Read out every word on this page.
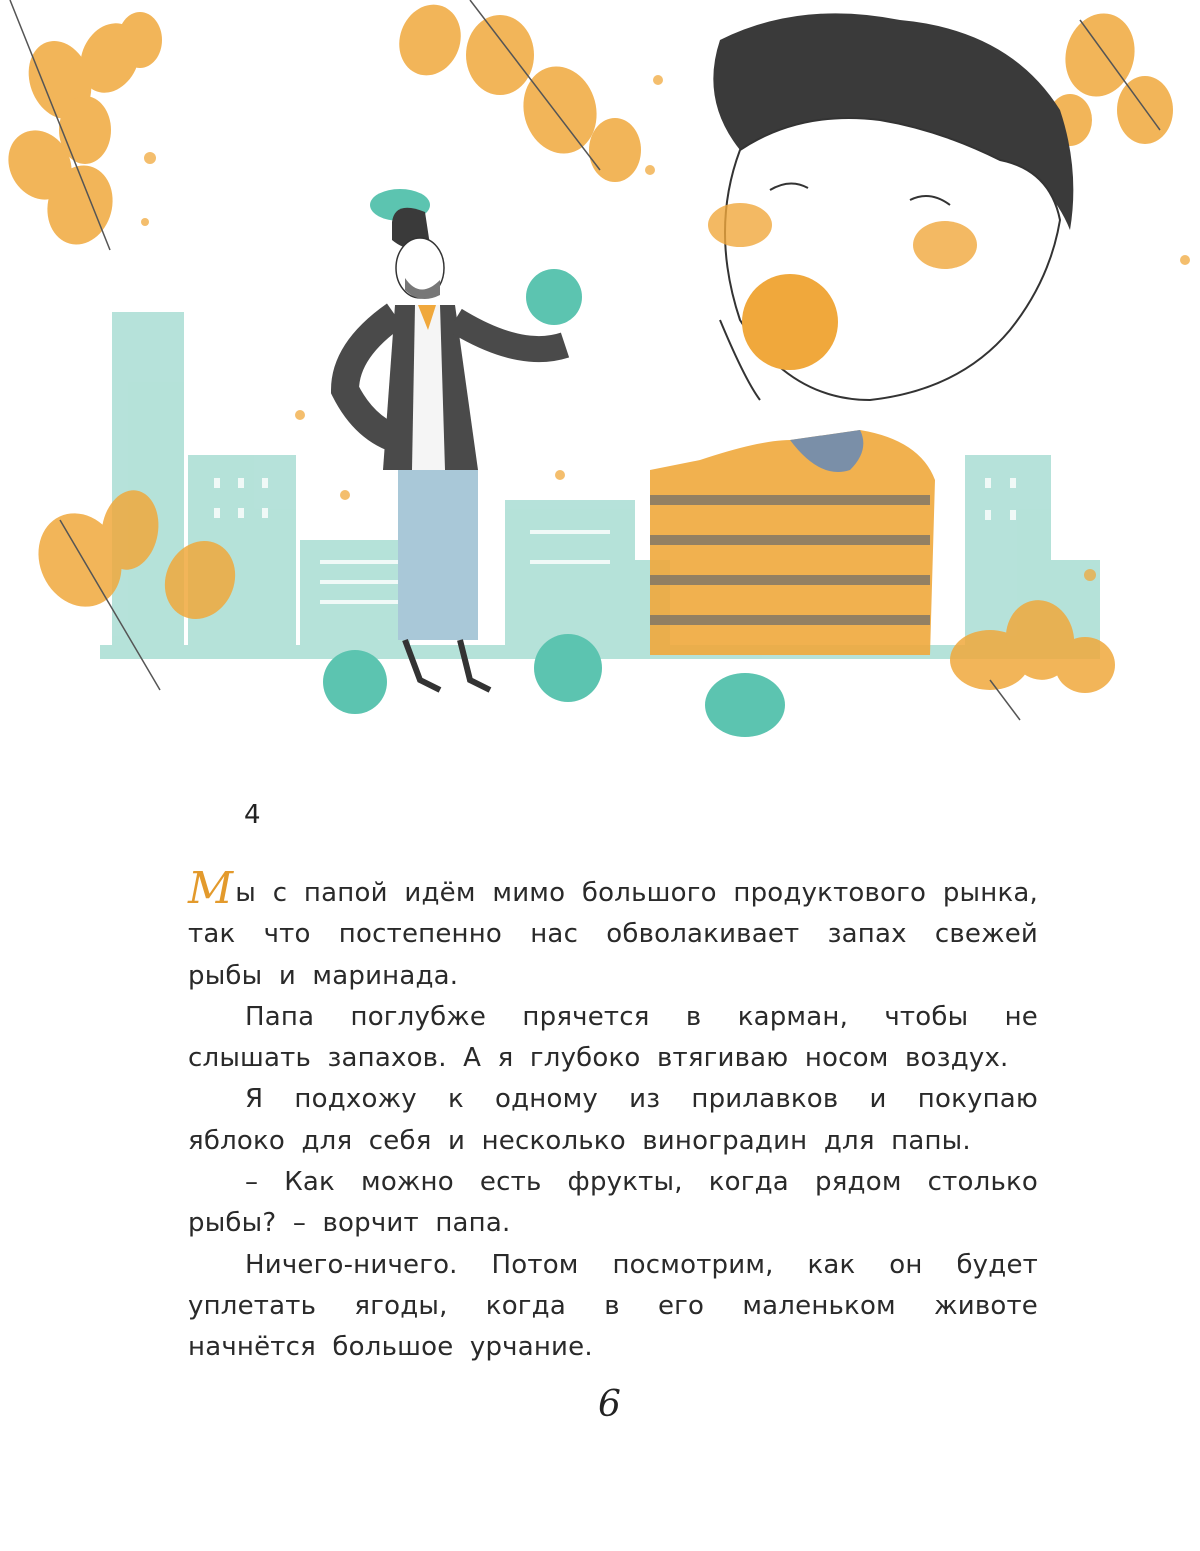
4

Мы с папой идём мимо большого продуктового рынка, так что постепенно нас обволакивает запах свежей рыбы и маринада.

Папа поглубже прячется в карман, чтобы не слышать запахов. А я глубоко втягиваю носом воздух.

Я подхожу к одному из прилавков и покупаю яблоко для себя и несколько виноградин для папы.

– Как можно есть фрукты, когда рядом столько рыбы? – ворчит папа.

Ничего-ничего. Потом посмотрим, как он будет уплетать ягоды, когда в его маленьком животе начнётся большое урчание.

6
